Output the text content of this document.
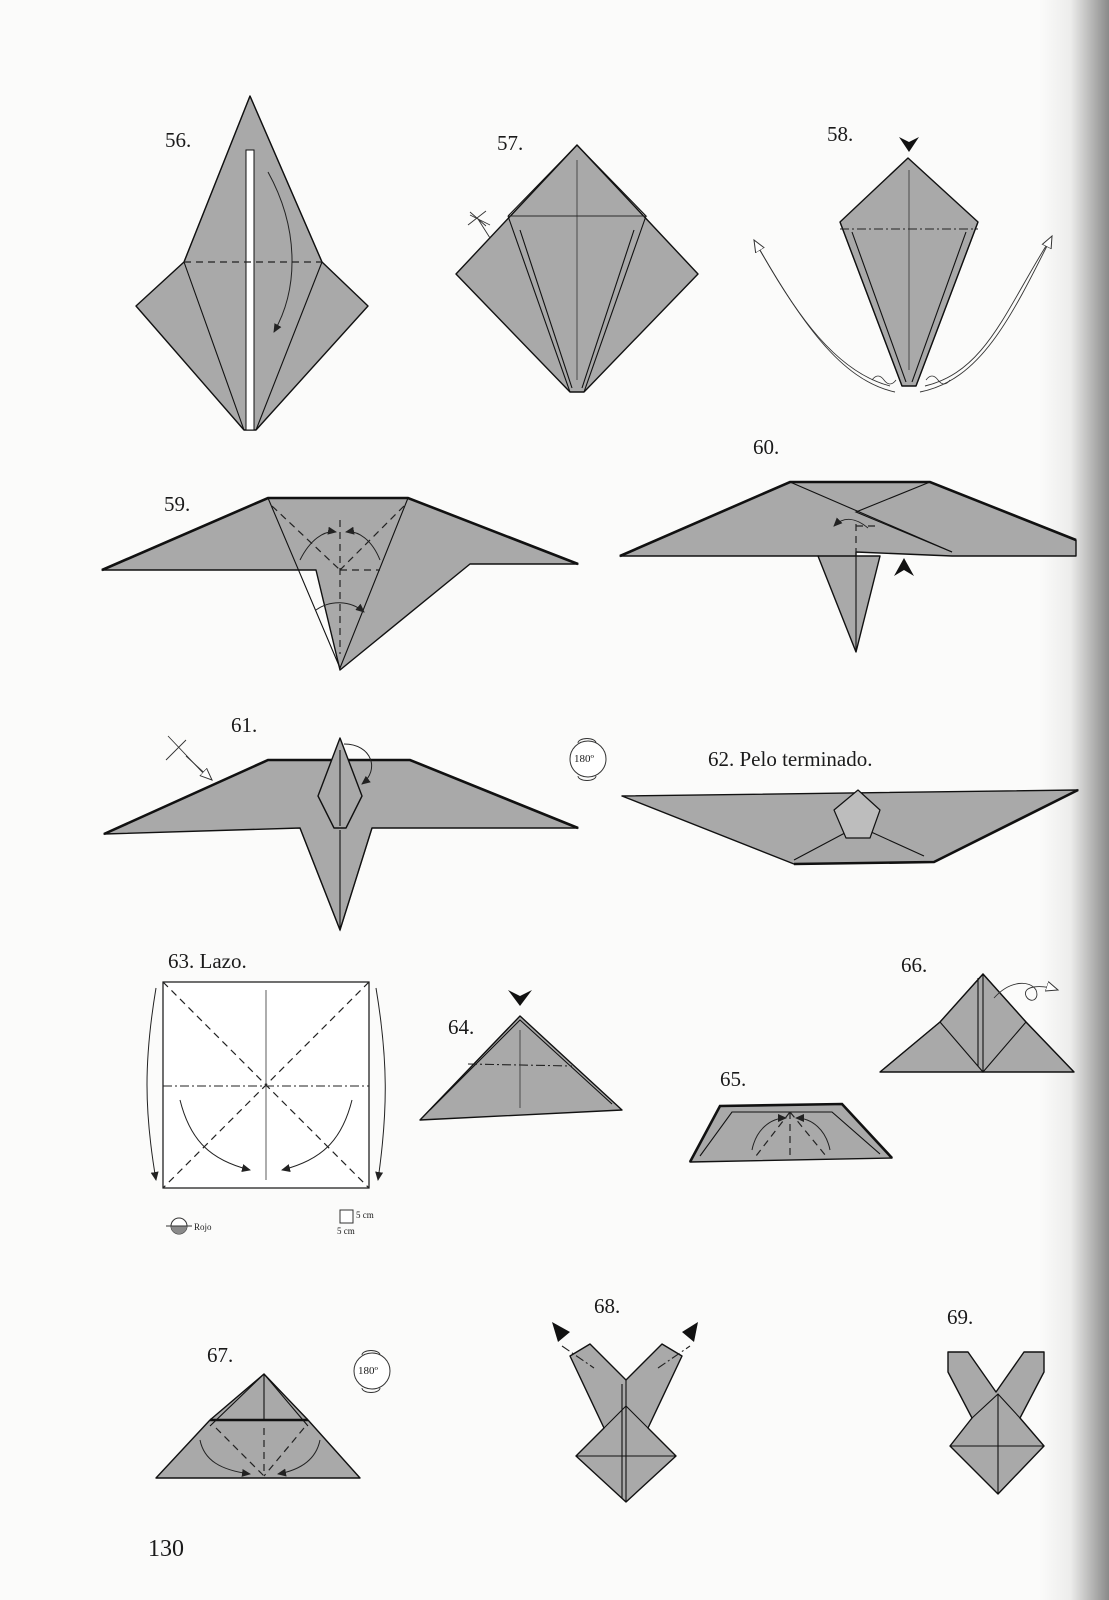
56.	57.	58.
59.
60.
61.
62. Pelo terminado.
63. Lazo.
64.
65.
66.
67.
68.	69.
180º
180º
Rojo
5 cm
5 cm
130
